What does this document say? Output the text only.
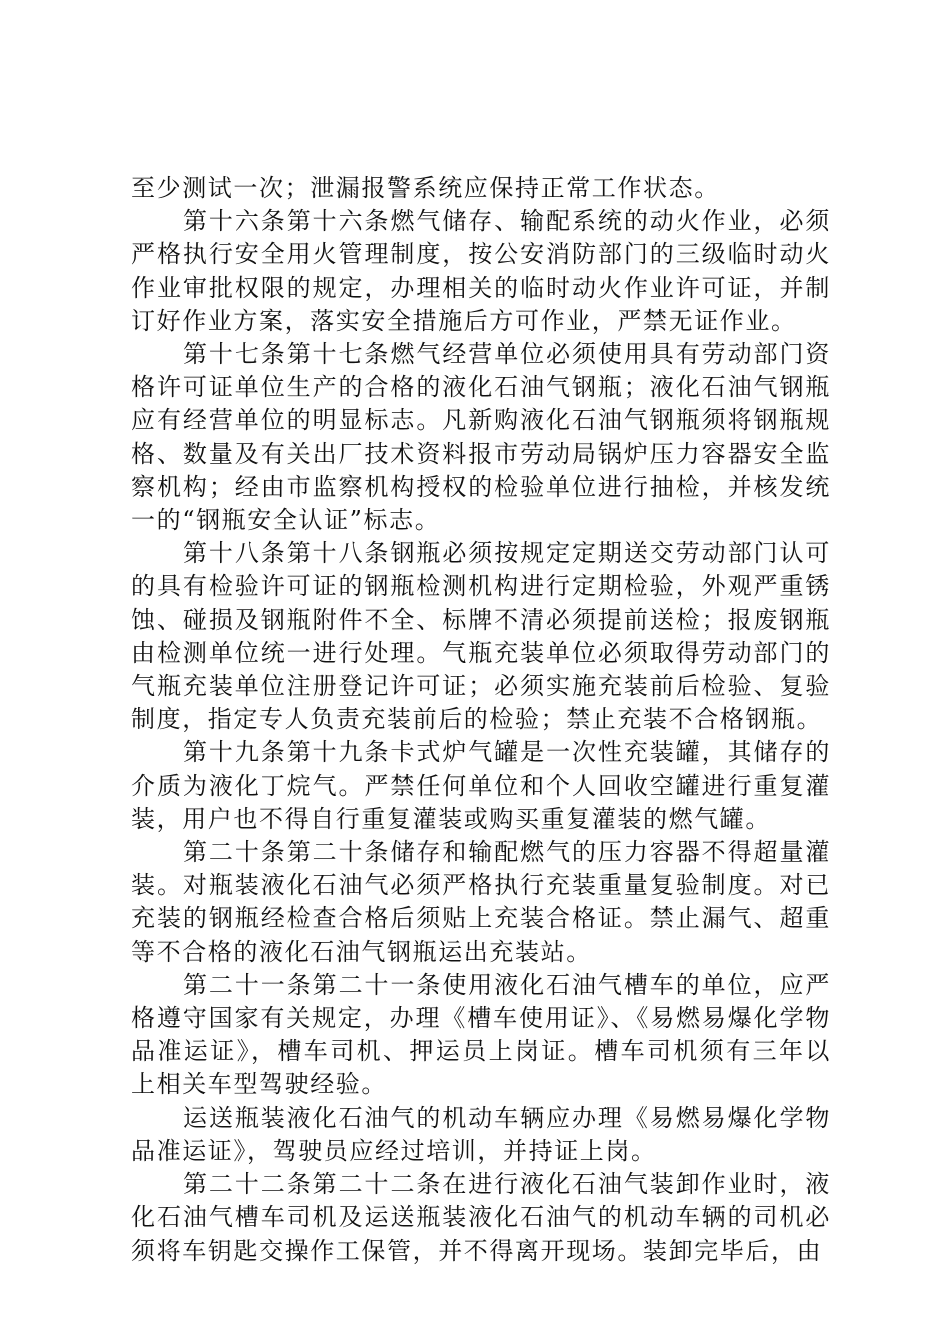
至少测试一次；泄漏报警系统应保持正常工作状态。

第十六条第十六条燃气储存、输配系统的动火作业，必须严格执行安全用火管理制度，按公安消防部门的三级临时动火作业审批权限的规定，办理相关的临时动火作业许可证，并制订好作业方案，落实安全措施后方可作业，严禁无证作业。

第十七条第十七条燃气经营单位必须使用具有劳动部门资格许可证单位生产的合格的液化石油气钢瓶；液化石油气钢瓶应有经营单位的明显标志。凡新购液化石油气钢瓶须将钢瓶规格、数量及有关出厂技术资料报市劳动局锅炉压力容器安全监察机构；经由市监察机构授权的检验单位进行抽检，并核发统一的“钢瓶安全认证”标志。

第十八条第十八条钢瓶必须按规定定期送交劳动部门认可的具有检验许可证的钢瓶检测机构进行定期检验，外观严重锈蚀、碰损及钢瓶附件不全、标牌不清必须提前送检；报废钢瓶由检测单位统一进行处理。气瓶充装单位必须取得劳动部门的气瓶充装单位注册登记许可证；必须实施充装前后检验、复验制度，指定专人负责充装前后的检验；禁止充装不合格钢瓶。

第十九条第十九条卡式炉气罐是一次性充装罐，其储存的介质为液化丁烷气。严禁任何单位和个人回收空罐进行重复灌装，用户也不得自行重复灌装或购买重复灌装的燃气罐。

第二十条第二十条储存和输配燃气的压力容器不得超量灌装。对瓶装液化石油气必须严格执行充装重量复验制度。对已充装的钢瓶经检查合格后须贴上充装合格证。禁止漏气、超重等不合格的液化石油气钢瓶运出充装站。

第二十一条第二十一条使用液化石油气槽车的单位，应严格遵守国家有关规定，办理《槽车使用证》、《易燃易爆化学物品准运证》，槽车司机、押运员上岗证。槽车司机须有三年以上相关车型驾驶经验。

运送瓶装液化石油气的机动车辆应办理《易燃易爆化学物品准运证》，驾驶员应经过培训，并持证上岗。

第二十二条第二十二条在进行液化石油气装卸作业时，液化石油气槽车司机及运送瓶装液化石油气的机动车辆的司机必须将车钥匙交操作工保管，并不得离开现场。装卸完毕后，由
